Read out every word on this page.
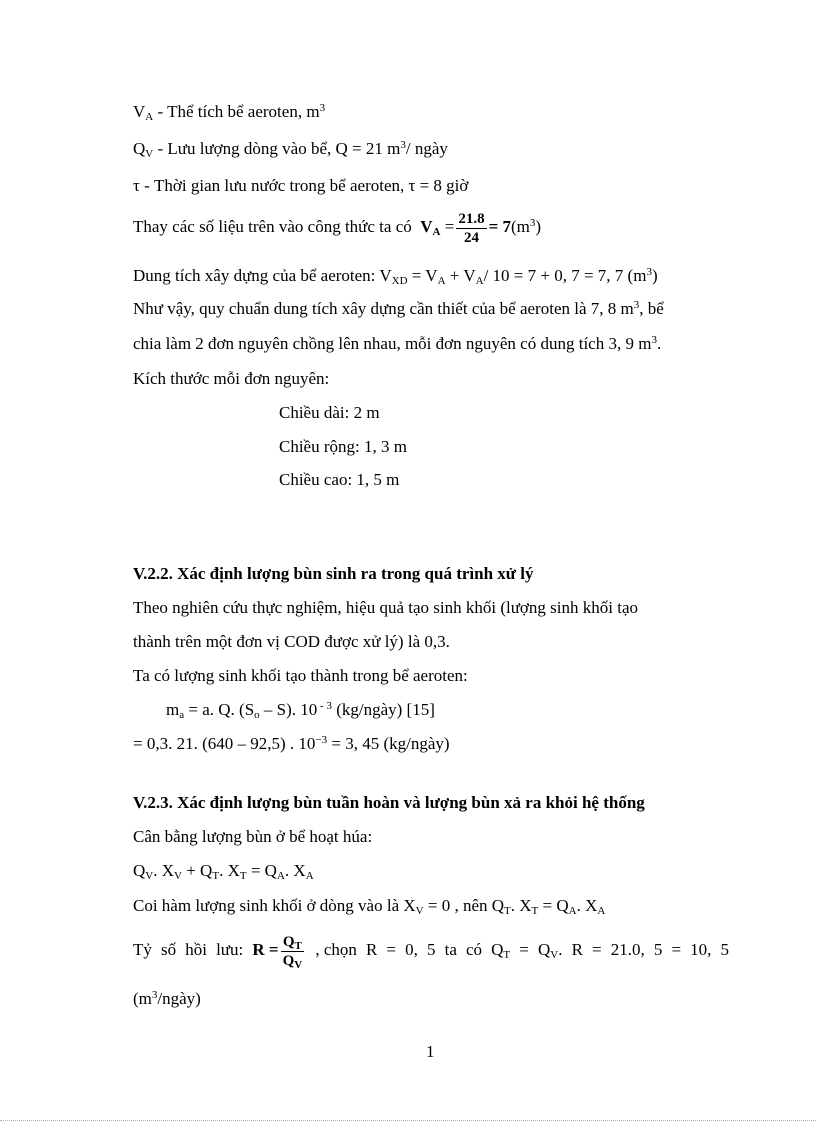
$V_A$ - Thể tích bể aeroten, $m^3$
$Q_V$ - Lưu lượng dòng vào bể, Q = 21 $m^3/$ ngày
τ - Thời gian lưu nước trong bể aeroten, τ = 8 giờ
Thay các số liệu trên vào công thức ta có $V_A = \frac{21.8}{24} = 7(m^3)$
Dung tích xây dựng của bể aeroten: $V_{XD} = V_A + V_A/$ 10 = 7 + 0, 7 = 7, 7 $(m^3)$
Như vậy, quy chuẩn dung tích xây dựng cần thiết của bể aeroten là 7, 8 $m^3$, bể
chia làm 2 đơn nguyên chồng lên nhau, mỗi đơn nguyên có dung tích 3, 9 $m^3$.
Kích thước mỗi đơn nguyên:
Chiều dài: 2 m
Chiều rộng: 1, 3 m
Chiều cao: 1, 5 m
V.2.2. Xác định lượng bùn sinh ra trong quá trình xử lý
Theo nghiên cứu thực nghiệm, hiệu quả tạo sinh khối (lượng sinh khối tạo
thành trên một đơn vị COD được xử lý) là 0,3.
Ta có lượng sinh khối tạo thành trong bể aeroten:
$m_a = a$. Q. $(S_o - S)$. 10 $^{- 3}$ (kg/ngày) [15]
= 0,3. 21. (640 – 92,5) . $10^{-3} = 3$, 45 (kg/ngày)
V.2.3. Xác định lượng bùn tuần hoàn và lượng bùn xả ra khỏi hệ thống
Cân bằng lượng bùn ở bể hoạt húa:
$Q_V$. $X_V + Q_T$. $X_T = Q_A$. $X_A$
Coi hàm lượng sinh khối ở dòng vào là $X_V = 0$ , nên $Q_T$. $X_T = Q_A$. $X_A$
Tỷ số hồi lưu: $R = \frac{Q_T}{Q_V}$ , chọn R = 0, 5 ta có $Q_T = Q_V$. R = 21.0, 5 = 10, 5
$(m^3/ngày)$
1
